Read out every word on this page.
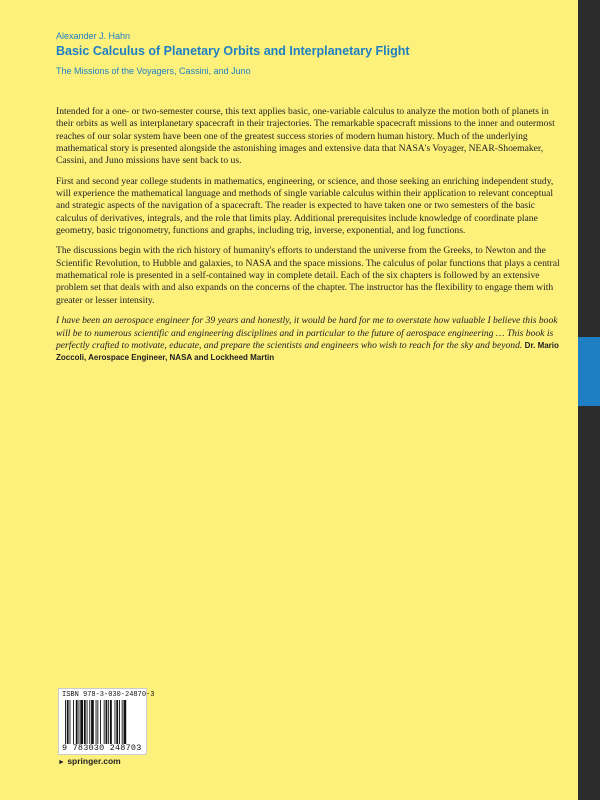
Alexander J. Hahn
Basic Calculus of Planetary Orbits and Interplanetary Flight
The Missions of the Voyagers, Cassini, and Juno

Intended for a one- or two-semester course, this text applies basic, one-variable calculus to analyze the motion both of planets in their orbits as well as interplanetary spacecraft in their trajectories. The remarkable spacecraft missions to the inner and outermost reaches of our solar system have been one of the greatest success stories of modern human history. Much of the underlying mathematical story is presented alongside the astonishing images and extensive data that NASA's Voyager, NEAR-Shoemaker, Cassini, and Juno missions have sent back to us.

First and second year college students in mathematics, engineering, or science, and those seeking an enriching independent study, will experience the mathematical language and methods of single variable calculus within their application to relevant conceptual and strategic aspects of the navigation of a spacecraft. The reader is expected to have taken one or two semesters of the basic calculus of derivatives, integrals, and the role that limits play. Additional prerequisites include knowledge of coordinate plane geometry, basic trigonometry, functions and graphs, including trig, inverse, exponential, and log functions.

The discussions begin with the rich history of humanity's efforts to understand the universe from the Greeks, to Newton and the Scientific Revolution, to Hubble and galaxies, to NASA and the space missions. The calculus of polar functions that plays a central mathematical role is presented in a self-contained way in complete detail. Each of the six chapters is followed by an extensive problem set that deals with and also expands on the concerns of the chapter. The instructor has the flexibility to engage them with greater or lesser intensity.

I have been an aerospace engineer for 39 years and honestly, it would be hard for me to overstate how valuable I believe this book will be to numerous scientific and engineering disciplines and in particular to the future of aerospace engineering … This book is perfectly crafted to motivate, educate, and prepare the scientists and engineers who wish to reach for the sky and beyond. Dr. Mario Zoccoli, Aerospace Engineer, NASA and Lockheed Martin

ISBN 978-3-030-24870-3
9 783030 248703
► springer.com
